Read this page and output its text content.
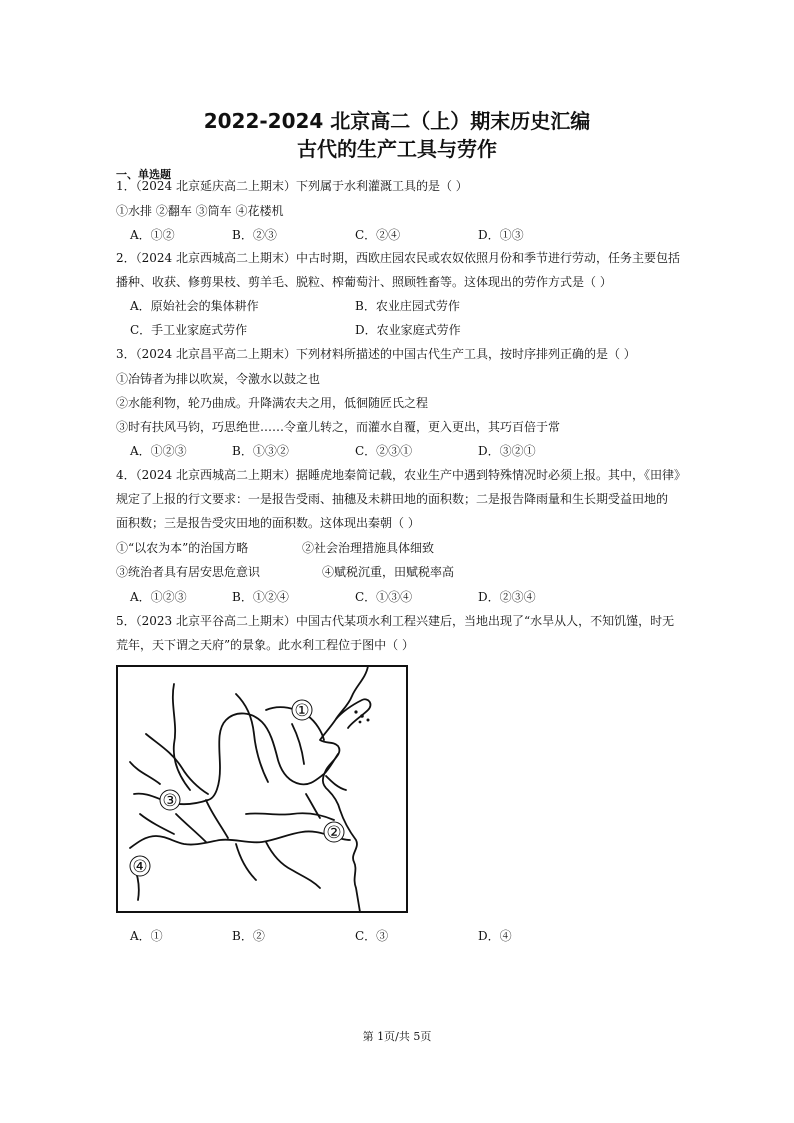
2022-2024 北京高二（上）期末历史汇编
古代的生产工具与劳作
一、单选题
1．（2024 北京延庆高二上期末）下列属于水利灌溉工具的是（ ）
①水排 ②翻车 ③筒车 ④花楼机
A．①②	B．②③	C．②④	D．①③
2．（2024 北京西城高二上期末）中古时期，西欧庄园农民或农奴依照月份和季节进行劳动，任务主要包括
播种、收获、修剪果枝、剪羊毛、脱粒、榨葡萄汁、照顾牲畜等。这体现出的劳作方式是（ ）
A．原始社会的集体耕作	B．农业庄园式劳作
C．手工业家庭式劳作	D．农业家庭式劳作
3．（2024 北京昌平高二上期末）下列材料所描述的中国古代生产工具，按时序排列正确的是（ ）
①冶铸者为排以吹炭，令激水以鼓之也
②水能利物，轮乃曲成。升降满农夫之用，低徊随匠氏之程
③时有扶风马钧，巧思绝世……令童儿转之，而灌水自覆，更入更出，其巧百倍于常
A．①②③	B．①③②	C．②③①	D．③②①
4．（2024 北京西城高二上期末）据睡虎地秦简记载，农业生产中遇到特殊情况时必须上报。其中，《田律》
规定了上报的行文要求：一是报告受雨、抽穗及未耕田地的面积数；二是报告降雨量和生长期受益田地的
面积数；三是报告受灾田地的面积数。这体现出秦朝（ ）
①“以农为本”的治国方略	②社会治理措施具体细致
③统治者具有居安思危意识	④赋税沉重，田赋税率高
A．①②③	B．①②④	C．①③④	D．②③④
5．（2023 北京平谷高二上期末）中国古代某项水利工程兴建后，当地出现了“水旱从人，不知饥馑，时无
荒年，天下谓之天府”的景象。此水利工程位于图中（ ）
①
②
③
④
A．①	B．②	C．③	D．④
第 1页/共 5页
